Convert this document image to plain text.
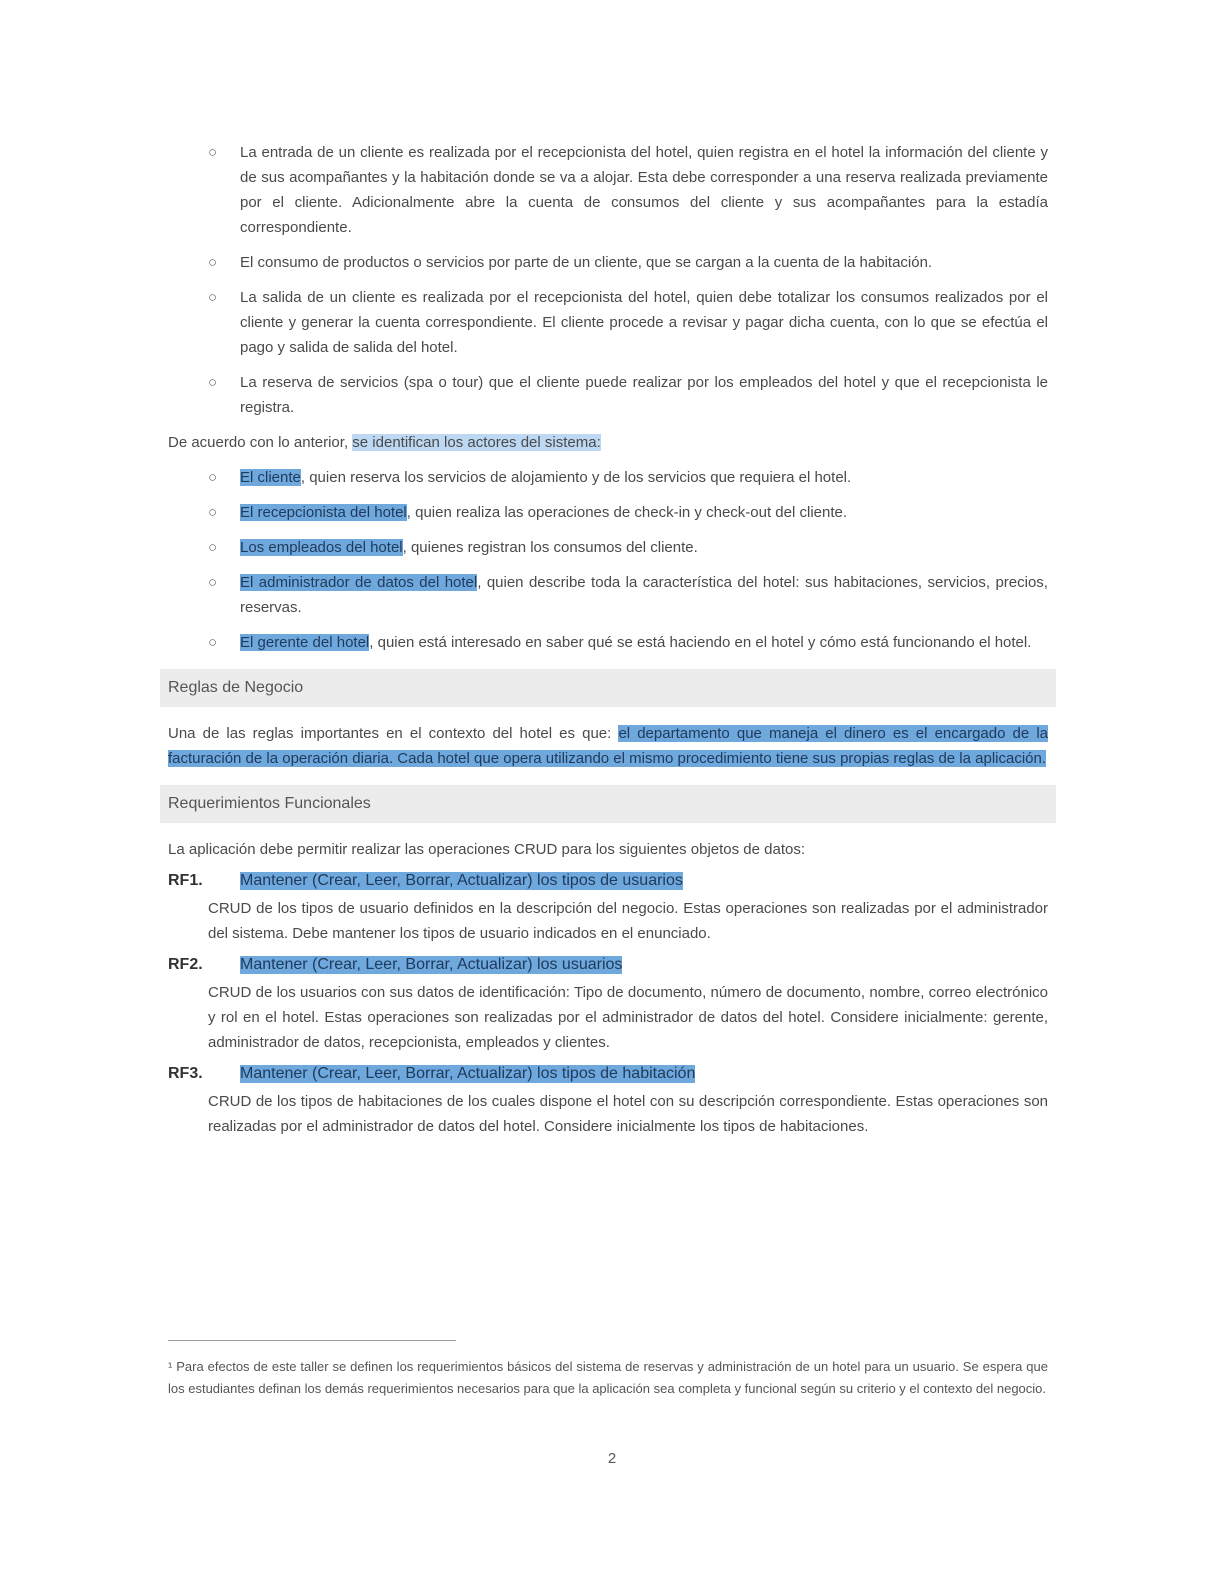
○ La entrada de un cliente es realizada por el recepcionista del hotel, quien registra en el hotel la información del cliente y de sus acompañantes y la habitación donde se va a alojar. Esta debe corresponder a una reserva realizada previamente por el cliente. Adicionalmente abre la cuenta de consumos del cliente y sus acompañantes para la estadía correspondiente.
○ El consumo de productos o servicios por parte de un cliente, que se cargan a la cuenta de la habitación.
○ La salida de un cliente es realizada por el recepcionista del hotel, quien debe totalizar los consumos realizados por el cliente y generar la cuenta correspondiente. El cliente procede a revisar y pagar dicha cuenta, con lo que se efectúa el pago y salida de salida del hotel.
○ La reserva de servicios (spa o tour) que el cliente puede realizar por los empleados del hotel y que el recepcionista le registra.

De acuerdo con lo anterior, se identifican los actores del sistema:

○ El cliente, quien reserva los servicios de alojamiento y de los servicios que requiera el hotel.
○ El recepcionista del hotel, quien realiza las operaciones de check-in y check-out del cliente.
○ Los empleados del hotel, quienes registran los consumos del cliente.
○ El administrador de datos del hotel, quien describe toda la característica del hotel: sus habitaciones, servicios, precios, reservas.
○ El gerente del hotel, quien está interesado en saber qué se está haciendo en el hotel y cómo está funcionando el hotel.
Reglas de Negocio

Una de las reglas importantes en el contexto del hotel es que: el departamento que maneja el dinero es el encargado de la facturación de la operación diaria. Cada hotel que opera utilizando el mismo procedimiento tiene sus propias reglas de la aplicación.

Requerimientos Funcionales

La aplicación debe permitir realizar las operaciones CRUD para los siguientes objetos de datos:

RF1.	Mantener (Crear, Leer, Borrar, Actualizar) los tipos de usuarios

CRUD de los tipos de usuario definidos en la descripción del negocio. Estas operaciones son realizadas por el administrador del sistema. Debe mantener los tipos de usuario indicados en el enunciado.

RF2.	Mantener (Crear, Leer, Borrar, Actualizar) los usuarios

CRUD de los usuarios con sus datos de identificación: Tipo de documento, número de documento, nombre, correo electrónico y rol en el hotel. Estas operaciones son realizadas por el administrador de datos del hotel. Considere inicialmente: gerente, administrador de datos, recepcionista, empleados y clientes.

RF3.	Mantener (Crear, Leer, Borrar, Actualizar) los tipos de habitación

CRUD de los tipos de habitaciones de los cuales dispone el hotel con su descripción correspondiente. Estas operaciones son realizadas por el administrador de datos del hotel. Considere inicialmente los tipos de habitaciones.

¹ Para efectos de este taller se definen los requerimientos básicos del sistema de reservas y administración de un hotel para un usuario. Se espera que los estudiantes definan los demás requerimientos necesarios para que la aplicación sea completa y funcional según su criterio y el contexto del negocio.

2
